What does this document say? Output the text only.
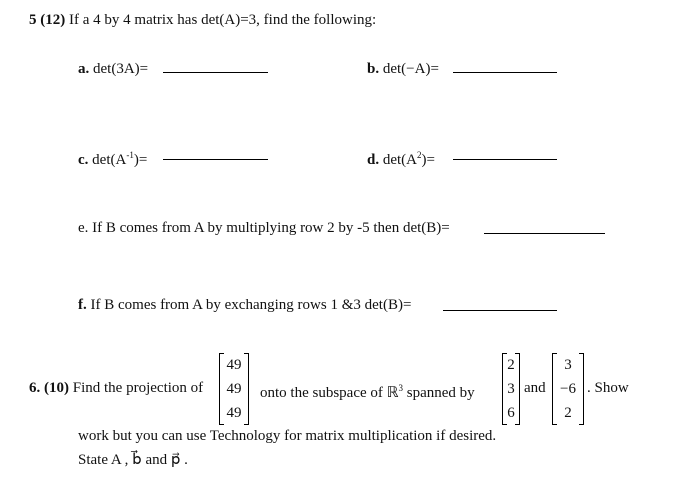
5 (12) If a 4 by 4 matrix has det(A)=3, find the following:
a. det(3A)=	b. det(−A)=
c. $\det(A^{-1})=$	d. $\det(A^2)=$
e. If B comes from A by multiplying row 2 by -5 then det(B)=
f. If B comes from A by exchanging rows 1 &3 det(B)=
6. (10) Find the projection of
49
49
49
onto the subspace of ℝ$^3$ spanned by
2
3
6
and
3
−6
2
. Show
work but you can use Technology for matrix multiplication if desired.
State A , b⃗ and p⃗ .
